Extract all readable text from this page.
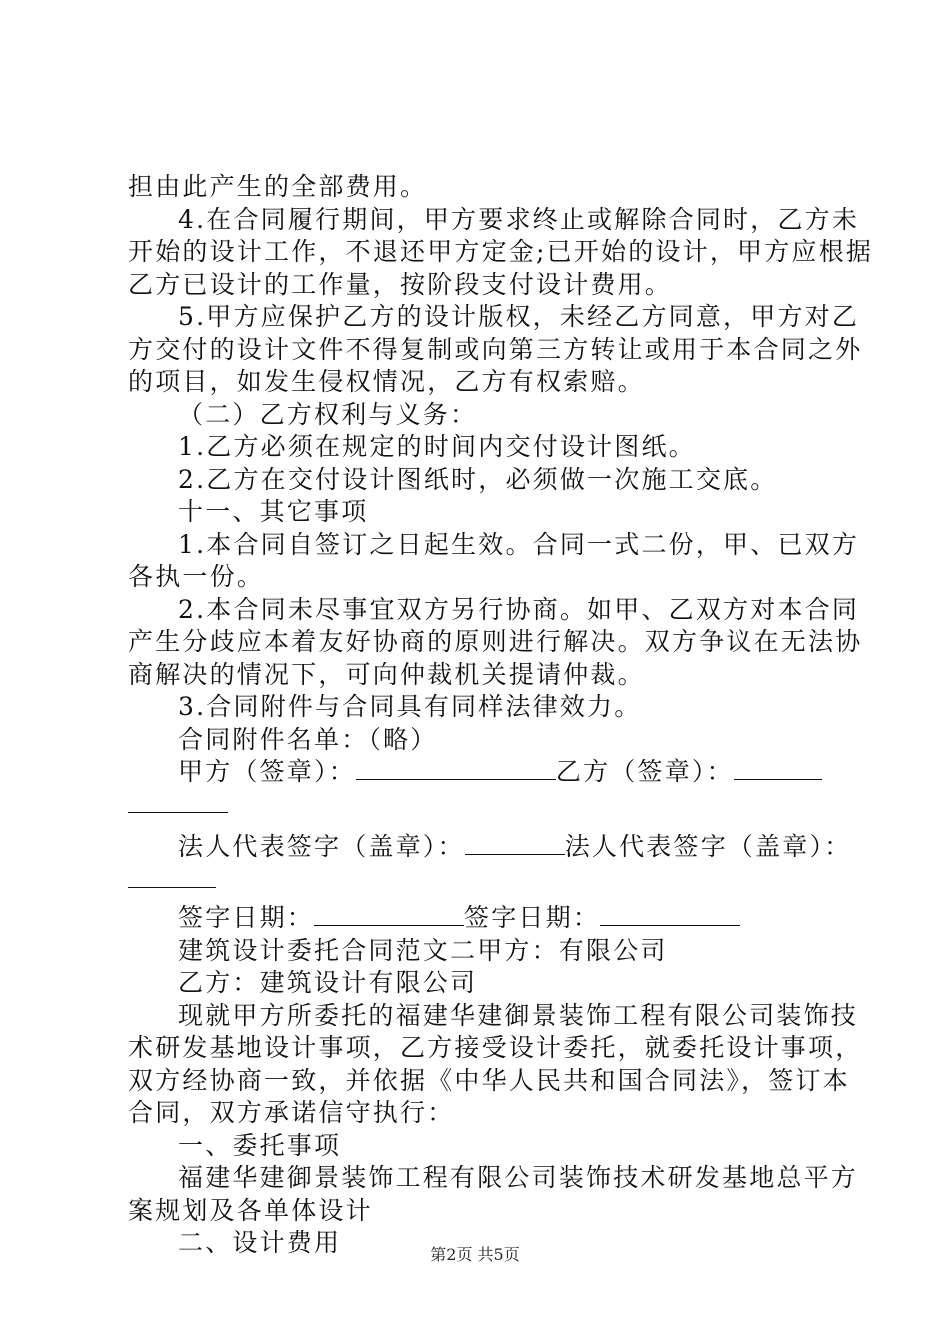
担由此产生的全部费用。
4.在合同履行期间，甲方要求终止或解除合同时，乙方未
开始的设计工作，不退还甲方定金;已开始的设计，甲方应根据
乙方已设计的工作量，按阶段支付设计费用。
5.甲方应保护乙方的设计版权，未经乙方同意，甲方对乙
方交付的设计文件不得复制或向第三方转让或用于本合同之外
的项目，如发生侵权情况，乙方有权索赔。
（二）乙方权利与义务：
1.乙方必须在规定的时间内交付设计图纸。
2.乙方在交付设计图纸时，必须做一次施工交底。
十一、其它事项
1.本合同自签订之日起生效。合同一式二份，甲、已双方
各执一份。
2.本合同未尽事宜双方另行协商。如甲、乙双方对本合同
产生分歧应本着友好协商的原则进行解决。双方争议在无法协
商解决的情况下，可向仲裁机关提请仲裁。
3.合同附件与合同具有同样法律效力。
合同附件名单：（略）
甲方（签章）：	乙方（签章）：
法人代表签字（盖章）：	法人代表签字（盖章）：
签字日期：	签字日期：
建筑设计委托合同范文二甲方：有限公司
乙方：建筑设计有限公司
现就甲方所委托的福建华建御景装饰工程有限公司装饰技
术研发基地设计事项，乙方接受设计委托，就委托设计事项，
双方经协商一致，并依据《中华人民共和国合同法》，签订本
合同，双方承诺信守执行：
一、委托事项
福建华建御景装饰工程有限公司装饰技术研发基地总平方
案规划及各单体设计
二、设计费用	第2页 共5页
